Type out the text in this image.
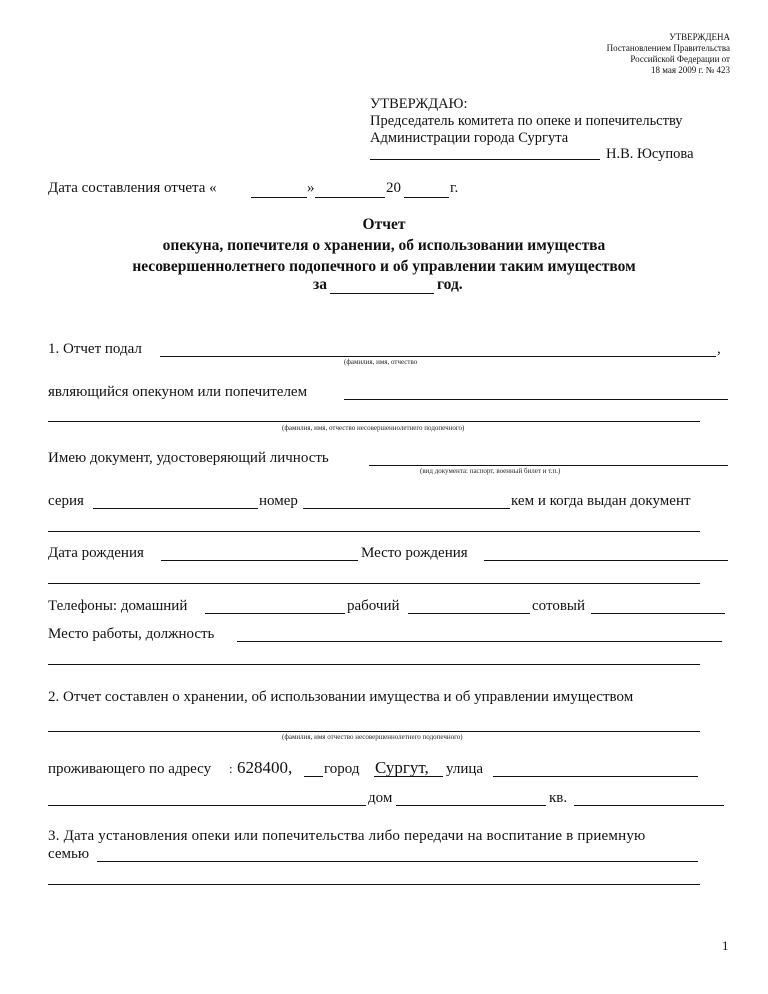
УТВЕРЖДЕНА
Постановлением Правительства
Российской Федерации от
18 мая 2009 г. № 423
УТВЕРЖДАЮ:
Председатель комитета по опеке и попечительству
Администрации города Сургута
Н.В. Юсупова
Дата составления отчета «	»	20	г.
Отчет
опекуна, попечителя о хранении, об использовании имущества
несовершеннолетнего подопечного и об управлении таким имуществом
за	год.
1. Отчет подал	,
(фамилия, имя, отчество
являющийся опекуном или попечителем
(фамилия, имя, отчество несовершеннолетнего подопечного)
Имею документ, удостоверяющий личность
(вид документа: паспорт, военный билет и т.п.)
серия	номер	кем и когда выдан документ
Дата рождения	Место рождения
Телефоны: домашний	рабочий	сотовый
Место работы, должность
2. Отчет составлен о хранении, об использовании имущества и об управлении имуществом
(фамилия, имя отчество несовершеннолетнего подопечного)
проживающего по адресу : 628400, город Сургут, улица
дом	кв.
3. Дата установления опеки или попечительства либо передачи на воспитание в приемную
семью
1
